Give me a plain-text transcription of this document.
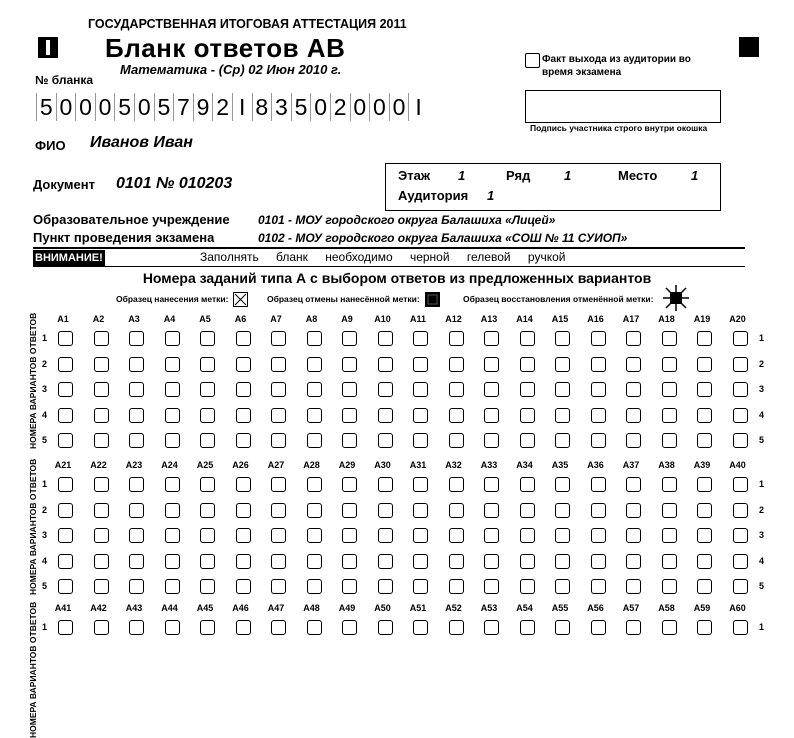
ГОСУДАРСТВЕННАЯ ИТОГОВАЯ АТТЕСТАЦИЯ 2011
Бланк ответов АВ
Математика - (Ср) 02 Июн 2010 г.
№ бланка
5 0 0 0 5 0 5 7 9 2 I 8 3 5 0 2 0 0 0 I
Факт выхода из аудитории во время экзамена
Подпись участника строго внутри окошка
ФИО Иванов Иван
Документ 0101 № 010203	Этаж 1	Ряд	1	Место	1
Аудитория 1
Образовательное учреждение 0101 - МОУ городского округа Балашиха «Лицей»
Пункт проведения экзамена	0102 - МОУ городского округа Балашиха «СОШ № 11 СУИОП»
ВНИМАНИЕ!	Заполнять бланк необходимо черной гелевой ручкой
Номера заданий типа А с выбором ответов из предложенных вариантов
Образец нанесения метки:	Образец отмены нанесённой метки:	Образец восстановления отменённой метки:
A1	A2	A3	A4	A5	A6	A7	A8	A9	A10	A11	A12	A13	A14	A15	A16	A17	A18	A19	A20
НОМЕРА ВАРИАНТОВ ОТВЕТОВ 1	1
2	2
3	3
4	4
5	5
A21	A22	A23	A24	A25	A26	A27	A28	A29	A30	A31	A32	A33	A34	A35	A36	A37	A38	A39	A40
НОМЕРА ВАРИАНТОВ ОТВЕТОВ 1	1
2	2
3	3
4	4
5	5
A41	A42	A43	A44	A45	A46	A47	A48	A49	A50	A51	A52	A53	A54	A55	A56	A57	A58	A59	A60
НОМЕРА ВАРИАНТОВ ОТВЕТОВ 1	1
